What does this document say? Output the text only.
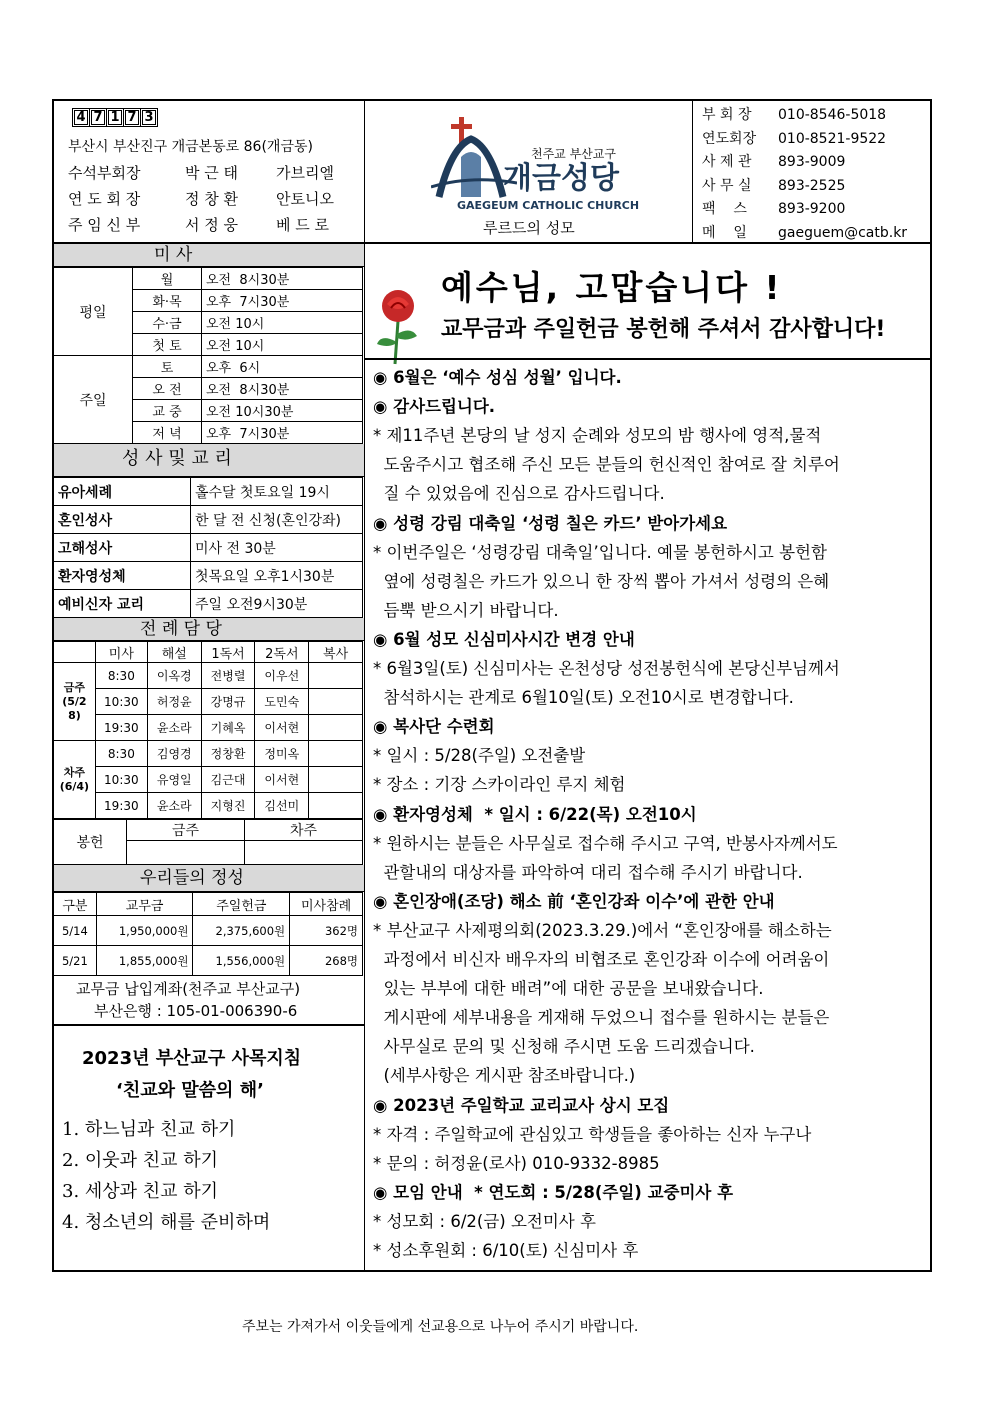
4 7 1 7 3
부산시 부산진구 개금본동로 86(개금동)
수석부회장	박 근 태	가브리엘
연 도 회 장	정 창 환	안토니오
주 임 신 부	서 정 웅	베 드 로
천주교 부산교구
개금성당
GAEGEUM CATHOLIC CHURCH
루르드의 성모
부 회 장 010-8546-5018
연도회장 010-8521-9522
사 제 관 893-9009
사 무 실 893-2525
팩    스 893-9200
메    일 gaeguem@catb.kr
미 사
평일	월	오전  8시30분
	화·목	오후  7시30분
	수·금	오전 10시
	첫 토	오전 10시
주일	토	오후  6시
	오 전	오전  8시30분
	교 중	오전 10시30분
	저 녁	오후  7시30분
성 사 및 교 리
유아세례	홀수달 첫토요일 19시
혼인성사	한 달 전 신청(혼인강좌)
고해성사	미사 전 30분
환자영성체	첫목요일 오후1시30분
예비신자 교리	주일 오전9시30분
전 례 담 당
	미사	해설	1독서	2독서	복사
금주(5/28)	8:30	이옥경	전병렬	이우선	
	10:30	허정윤	강명규	도민숙	
	19:30	윤소라	기혜옥	이서현	
차주(6/4)	8:30	김영경	정창환	정미옥	
	10:30	유영일	김근대	이서현	
	19:30	윤소라	지형진	김선미	
봉헌	금주	차주

우리들의 정성
구분	교무금	주일헌금	미사참례
5/14	1,950,000원	2,375,600원	362명
5/21	1,855,000원	1,556,000원	268명
교무금 납입계좌(천주교 부산교구)
부산은행 : 105-01-006390-6
2023년 부산교구 사목지침
‘친교와 말씀의 해’
1. 하느님과 친교 하기
2. 이웃과 친교 하기
3. 세상과 친교 하기
4. 청소년의 해를 준비하며
예수님, 고맙습니다 !
교무금과 주일헌금 봉헌해 주셔서 감사합니다!
◉ 6월은 ‘예수 성심 성월’ 입니다.
◉ 감사드립니다.
* 제11주년 본당의 날 성지 순례와 성모의 밤 행사에 영적,물적
도움주시고 협조해 주신 모든 분들의 헌신적인 참여로 잘 치루어
질 수 있었음에 진심으로 감사드립니다.
◉ 성령 강림 대축일 ‘성령 칠은 카드’ 받아가세요
* 이번주일은 ‘성령강림 대축일’입니다. 예물 봉헌하시고 봉헌함
옆에 성령칠은 카드가 있으니 한 장씩 뽑아 가셔서 성령의 은혜
듬뿍 받으시기 바랍니다.
◉ 6월 성모 신심미사시간 변경 안내
* 6월3일(토) 신심미사는 온천성당 성전봉헌식에 본당신부님께서
참석하시는 관계로 6월10일(토) 오전10시로 변경합니다.
◉ 복사단 수련회
* 일시 : 5/28(주일) 오전출발
* 장소 : 기장 스카이라인 루지 체험
◉ 환자영성체  * 일시 : 6/22(목) 오전10시
* 원하시는 분들은 사무실로 접수해 주시고 구역, 반봉사자께서도
관할내의 대상자를 파악하여 대리 접수해 주시기 바랍니다.
◉ 혼인장애(조당) 해소 前 ‘혼인강좌 이수’에 관한 안내
* 부산교구 사제평의회(2023.3.29.)에서 “혼인장애를 해소하는
과정에서 비신자 배우자의 비협조로 혼인강좌 이수에 어려움이
있는 부부에 대한 배려”에 대한 공문을 보내왔습니다.
게시판에 세부내용을 게재해 두었으니 접수를 원하시는 분들은
사무실로 문의 및 신청해 주시면 도움 드리겠습니다.
(세부사항은 게시판 참조바랍니다.)
◉ 2023년 주일학교 교리교사 상시 모집
* 자격 : 주일학교에 관심있고 학생들을 좋아하는 신자 누구나
* 문의 : 허정윤(로사) 010-9332-8985
◉ 모임 안내  * 연도회 : 5/28(주일) 교중미사 후
* 성모회 : 6/2(금) 오전미사 후
* 성소후원회 : 6/10(토) 신심미사 후
주보는 가져가서 이웃들에게 선교용으로 나누어 주시기 바랍니다.
